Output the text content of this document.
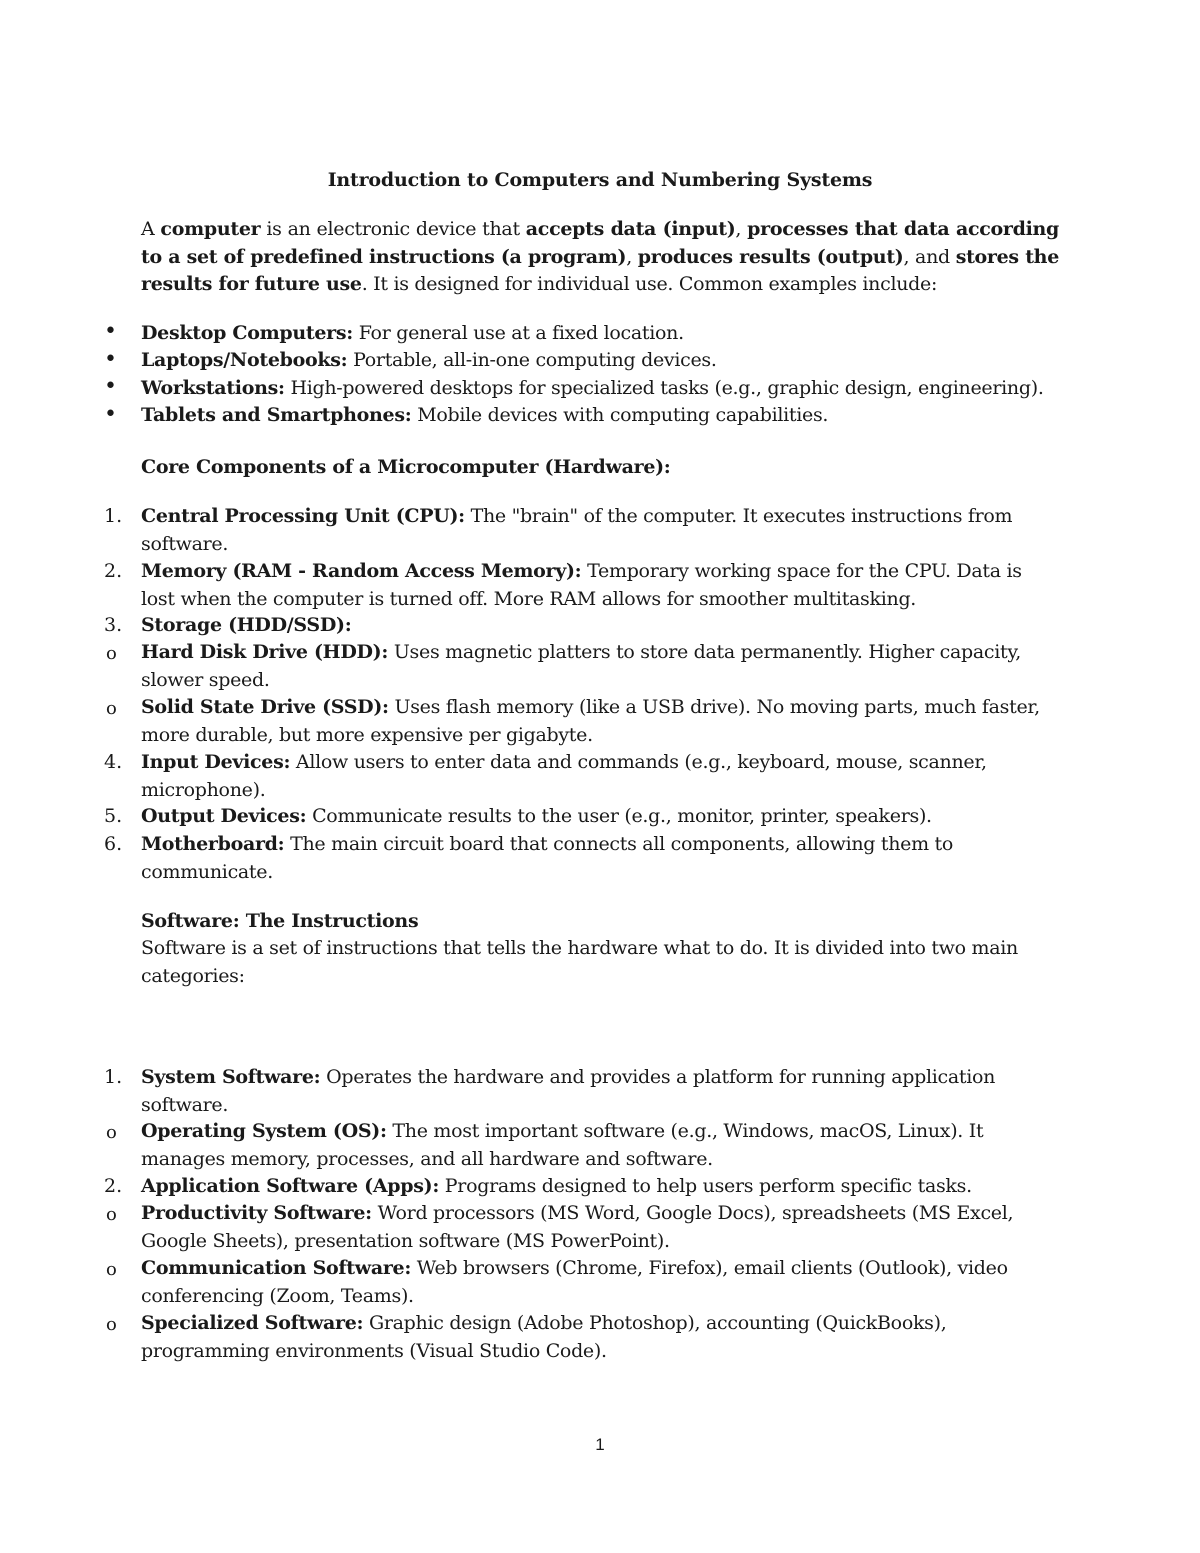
Introduction to Computers and Numbering Systems
A computer is an electronic device that accepts data (input), processes that data according to a set of predefined instructions (a program), produces results (output), and stores the results for future use. It is designed for individual use. Common examples include:
•	Desktop Computers: For general use at a fixed location.
•	Laptops/Notebooks: Portable, all-in-one computing devices.
•	Workstations: High-powered desktops for specialized tasks (e.g., graphic design, engineering).
•	Tablets and Smartphones: Mobile devices with computing capabilities.
Core Components of a Microcomputer (Hardware):
1. Central Processing Unit (CPU): The "brain" of the computer. It executes instructions from software.
2. Memory (RAM - Random Access Memory): Temporary working space for the CPU. Data is lost when the computer is turned off. More RAM allows for smoother multitasking.
3. Storage (HDD/SSD):
o	Hard Disk Drive (HDD): Uses magnetic platters to store data permanently. Higher capacity, slower speed.
o	Solid State Drive (SSD): Uses flash memory (like a USB drive). No moving parts, much faster, more durable, but more expensive per gigabyte.
4. Input Devices: Allow users to enter data and commands (e.g., keyboard, mouse, scanner, microphone).
5. Output Devices: Communicate results to the user (e.g., monitor, printer, speakers).
6. Motherboard: The main circuit board that connects all components, allowing them to communicate.
Software: The Instructions
Software is a set of instructions that tells the hardware what to do. It is divided into two main categories:
1. System Software: Operates the hardware and provides a platform for running application software.
o	Operating System (OS): The most important software (e.g., Windows, macOS, Linux). It manages memory, processes, and all hardware and software.
2. Application Software (Apps): Programs designed to help users perform specific tasks.
o	Productivity Software: Word processors (MS Word, Google Docs), spreadsheets (MS Excel, Google Sheets), presentation software (MS PowerPoint).
o	Communication Software: Web browsers (Chrome, Firefox), email clients (Outlook), video conferencing (Zoom, Teams).
o	Specialized Software: Graphic design (Adobe Photoshop), accounting (QuickBooks), programming environments (Visual Studio Code).
1
